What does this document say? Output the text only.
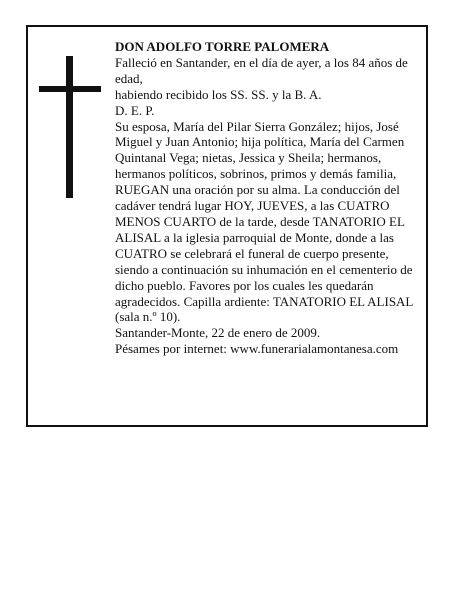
DON ADOLFO TORRE PALOMERA

Falleció en Santander, en el día de ayer, a los 84 años de edad,

habiendo recibido los SS. SS. y la B. A.

D. E. P.

Su esposa, María del Pilar Sierra González; hijos, José Miguel y Juan Antonio; hija política, María del Carmen Quintanal Vega; nietas, Jessica y Sheila; hermanos, hermanos políticos, sobrinos, primos y demás familia, RUEGAN una oración por su alma. La conducción del cadáver tendrá lugar HOY, JUEVES, a las CUATRO MENOS CUARTO de la tarde, desde TANATORIO EL ALISAL a la iglesia parroquial de Monte, donde a las CUATRO se celebrará el funeral de cuerpo presente, siendo a continuación su inhumación en el cementerio de dicho pueblo. Favores por los cuales les quedarán agradecidos. Capilla ardiente: TANATORIO EL ALISAL (sala n.º 10).

Santander-Monte, 22 de enero de 2009.

Pésames por internet: www.funerarialamontanesa.com
